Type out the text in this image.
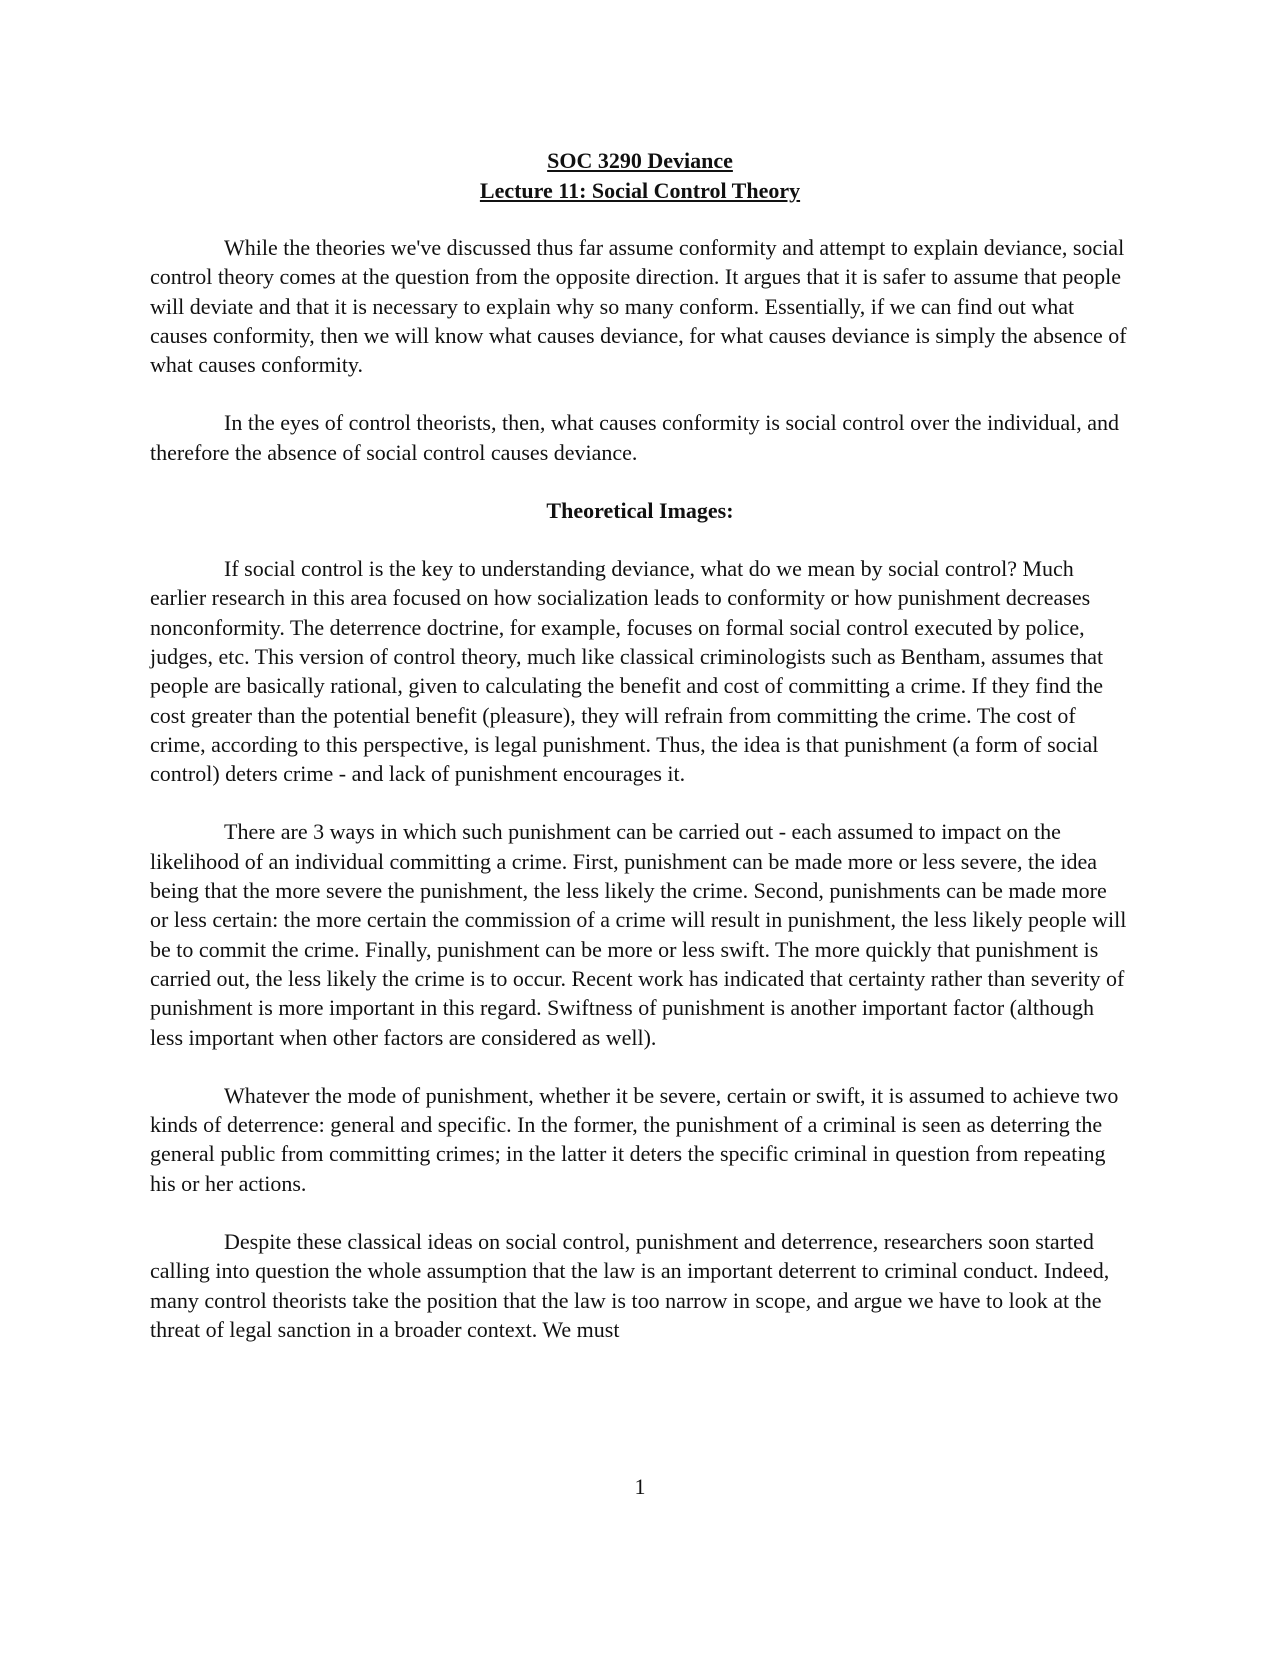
SOC 3290 Deviance
Lecture 11: Social Control Theory

While the theories we've discussed thus far assume conformity and attempt to explain deviance, social control theory comes at the question from the opposite direction. It argues that it is safer to assume that people will deviate and that it is necessary to explain why so many conform. Essentially, if we can find out what causes conformity, then we will know what causes deviance, for what causes deviance is simply the absence of what causes conformity.

In the eyes of control theorists, then, what causes conformity is social control over the individual, and therefore the absence of social control causes deviance.

Theoretical Images:

If social control is the key to understanding deviance, what do we mean by social control? Much earlier research in this area focused on how socialization leads to conformity or how punishment decreases nonconformity. The deterrence doctrine, for example, focuses on formal social control executed by police, judges, etc. This version of control theory, much like classical criminologists such as Bentham, assumes that people are basically rational, given to calculating the benefit and cost of committing a crime. If they find the cost greater than the potential benefit (pleasure), they will refrain from committing the crime. The cost of crime, according to this perspective, is legal punishment. Thus, the idea is that punishment (a form of social control) deters crime - and lack of punishment encourages it.

There are 3 ways in which such punishment can be carried out - each assumed to impact on the likelihood of an individual committing a crime. First, punishment can be made more or less severe, the idea being that the more severe the punishment, the less likely the crime. Second, punishments can be made more or less certain: the more certain the commission of a crime will result in punishment, the less likely people will be to commit the crime. Finally, punishment can be more or less swift. The more quickly that punishment is carried out, the less likely the crime is to occur. Recent work has indicated that certainty rather than severity of punishment is more important in this regard. Swiftness of punishment is another important factor (although less important when other factors are considered as well).

Whatever the mode of punishment, whether it be severe, certain or swift, it is assumed to achieve two kinds of deterrence: general and specific. In the former, the punishment of a criminal is seen as deterring the general public from committing crimes; in the latter it deters the specific criminal in question from repeating his or her actions.

Despite these classical ideas on social control, punishment and deterrence, researchers soon started calling into question the whole assumption that the law is an important deterrent to criminal conduct. Indeed, many control theorists take the position that the law is too narrow in scope, and argue we have to look at the threat of legal sanction in a broader context. We must

1
